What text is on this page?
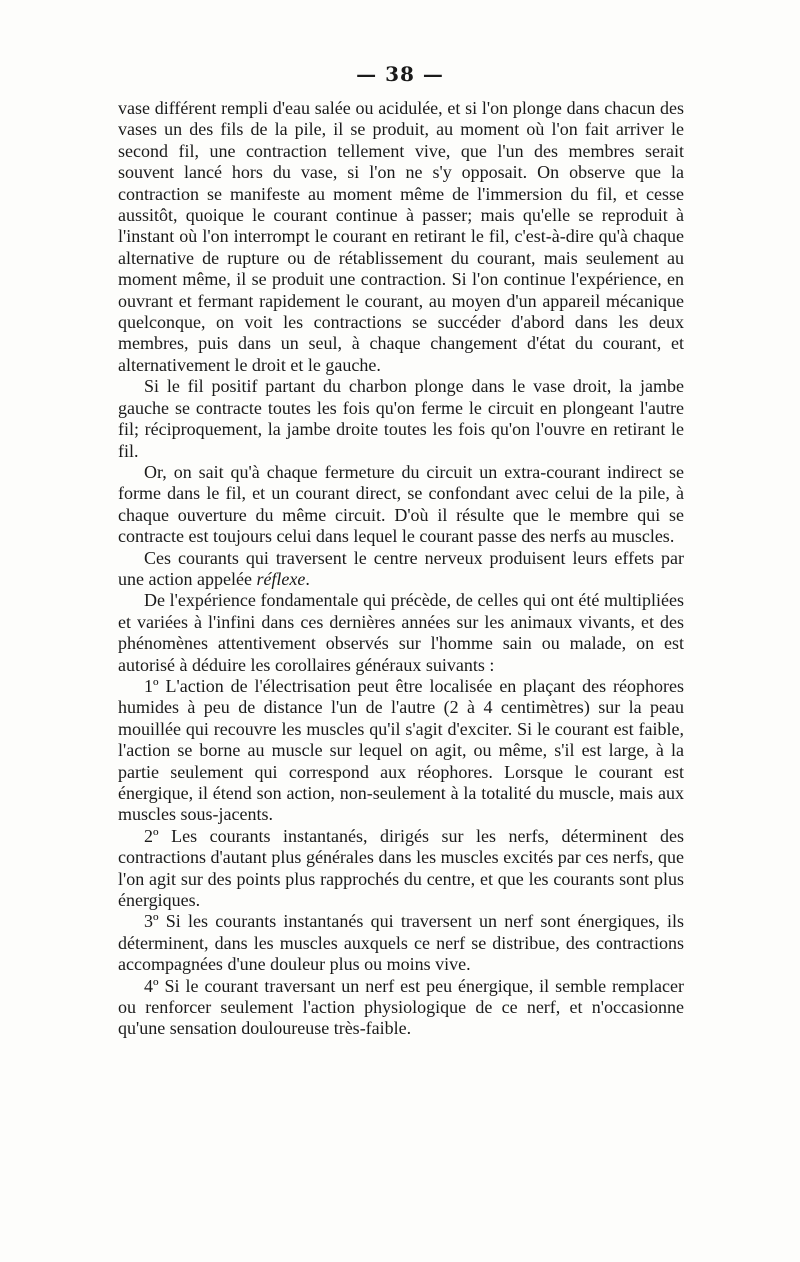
— 38 —

vase différent rempli d'eau salée ou acidulée, et si l'on plonge dans chacun des vases un des fils de la pile, il se produit, au moment où l'on fait arriver le second fil, une contraction tellement vive, que l'un des membres serait souvent lancé hors du vase, si l'on ne s'y opposait. On observe que la contraction se manifeste au moment même de l'immersion du fil, et cesse aussitôt, quoique le courant continue à passer; mais qu'elle se reproduit à l'instant où l'on interrompt le courant en retirant le fil, c'est-à-dire qu'à chaque alternative de rupture ou de rétablissement du courant, mais seulement au moment même, il se produit une contraction. Si l'on continue l'expérience, en ouvrant et fermant rapidement le courant, au moyen d'un appareil mécanique quelconque, on voit les contractions se succéder d'abord dans les deux membres, puis dans un seul, à chaque changement d'état du courant, et alternativement le droit et le gauche.

Si le fil positif partant du charbon plonge dans le vase droit, la jambe gauche se contracte toutes les fois qu'on ferme le circuit en plongeant l'autre fil; réciproquement, la jambe droite toutes les fois qu'on l'ouvre en retirant le fil.

Or, on sait qu'à chaque fermeture du circuit un extra-courant indirect se forme dans le fil, et un courant direct, se confondant avec celui de la pile, à chaque ouverture du même circuit. D'où il résulte que le membre qui se contracte est toujours celui dans lequel le courant passe des nerfs au muscles.

Ces courants qui traversent le centre nerveux produisent leurs effets par une action appelée réflexe.

De l'expérience fondamentale qui précède, de celles qui ont été multipliées et variées à l'infini dans ces dernières années sur les animaux vivants, et des phénomènes attentivement observés sur l'homme sain ou malade, on est autorisé à déduire les corollaires généraux suivants :

1º L'action de l'électrisation peut être localisée en plaçant des réophores humides à peu de distance l'un de l'autre (2 à 4 centimètres) sur la peau mouillée qui recouvre les muscles qu'il s'agit d'exciter. Si le courant est faible, l'action se borne au muscle sur lequel on agit, ou même, s'il est large, à la partie seulement qui correspond aux réophores. Lorsque le courant est énergique, il étend son action, non-seulement à la totalité du muscle, mais aux muscles sous-jacents.

2º Les courants instantanés, dirigés sur les nerfs, déterminent des contractions d'autant plus générales dans les muscles excités par ces nerfs, que l'on agit sur des points plus rapprochés du centre, et que les courants sont plus énergiques.

3º Si les courants instantanés qui traversent un nerf sont énergiques, ils déterminent, dans les muscles auxquels ce nerf se distribue, des contractions accompagnées d'une douleur plus ou moins vive.

4º Si le courant traversant un nerf est peu énergique, il semble remplacer ou renforcer seulement l'action physiologique de ce nerf, et n'occasionne qu'une sensation douloureuse très-faible.
